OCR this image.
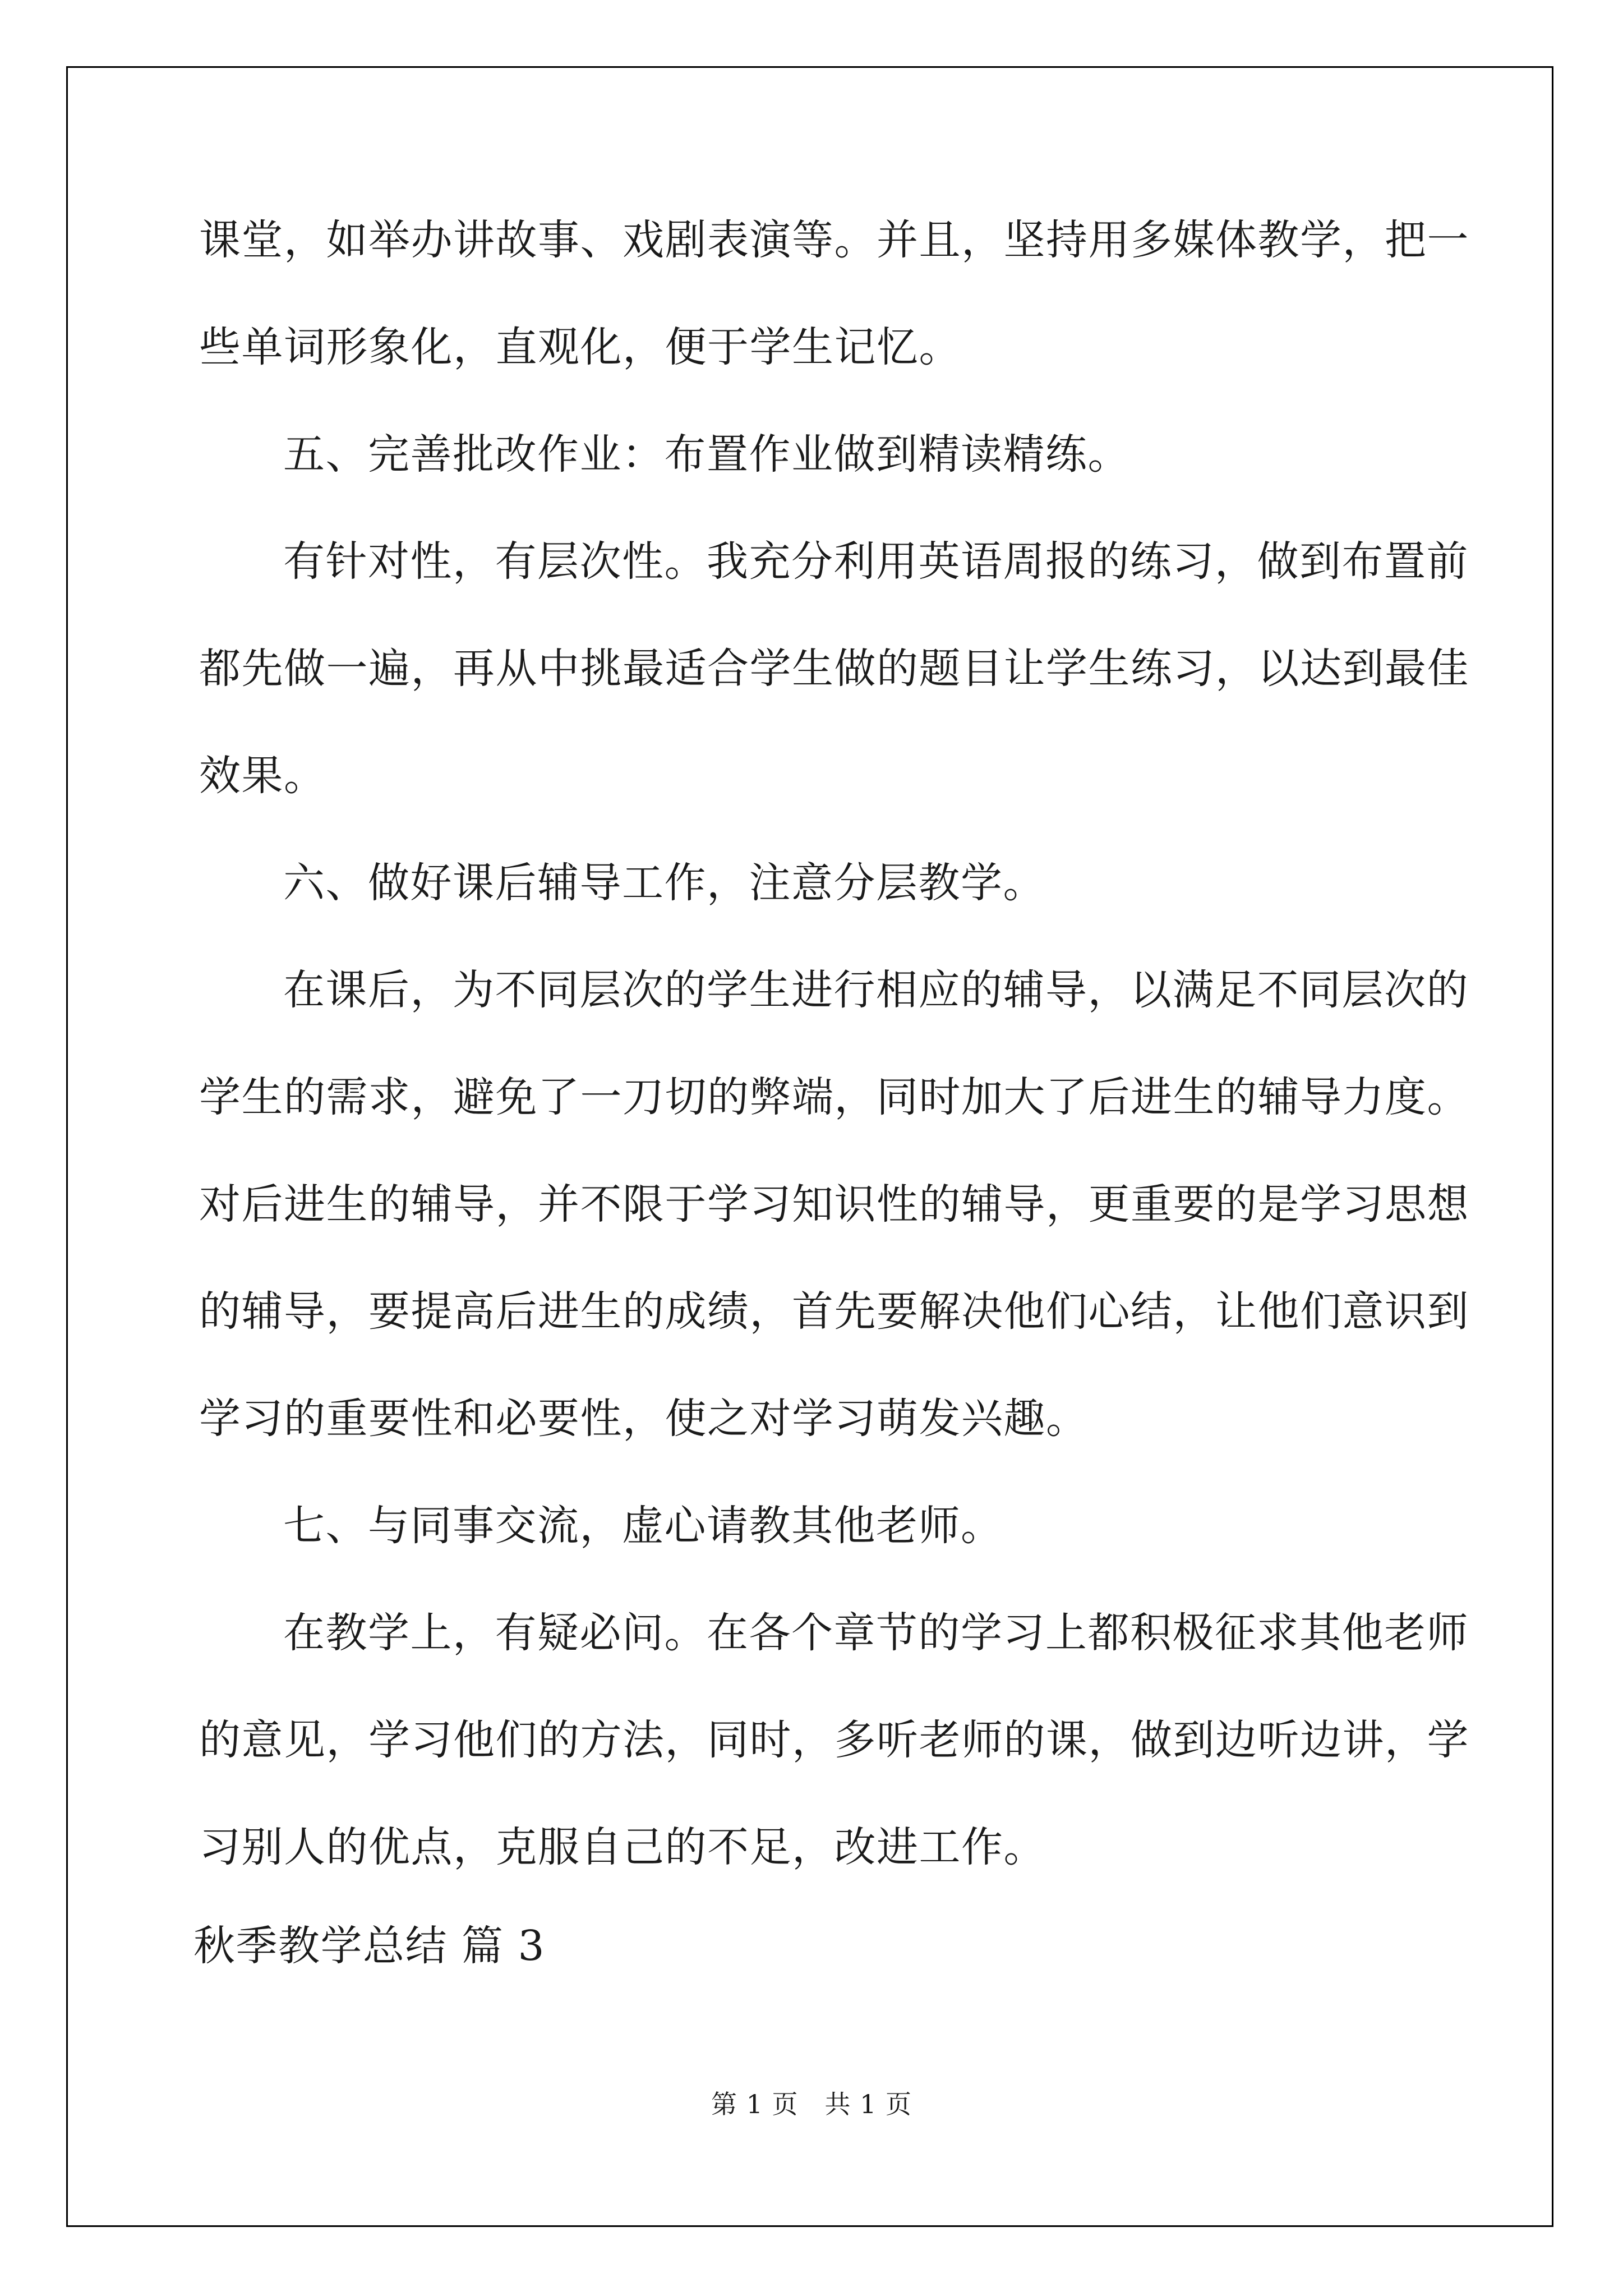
课堂，如举办讲故事、戏剧表演等。并且，坚持用多媒体教学，把一

些单词形象化，直观化，便于学生记忆。

五、完善批改作业：布置作业做到精读精练。

有针对性，有层次性。我充分利用英语周报的练习，做到布置前

都先做一遍，再从中挑最适合学生做的题目让学生练习，以达到最佳

效果。

六、做好课后辅导工作，注意分层教学。

在课后，为不同层次的学生进行相应的辅导，以满足不同层次的

学生的需求，避免了一刀切的弊端，同时加大了后进生的辅导力度。

对后进生的辅导，并不限于学习知识性的辅导，更重要的是学习思想

的辅导，要提高后进生的成绩，首先要解决他们心结，让他们意识到

学习的重要性和必要性，使之对学习萌发兴趣。

七、与同事交流，虚心请教其他老师。

在教学上，有疑必问。在各个章节的学习上都积极征求其他老师

的意见，学习他们的方法，同时，多听老师的课，做到边听边讲，学

习别人的优点，克服自己的不足，改进工作。

秋季教学总结 篇 3

第 1 页　共 1 页
